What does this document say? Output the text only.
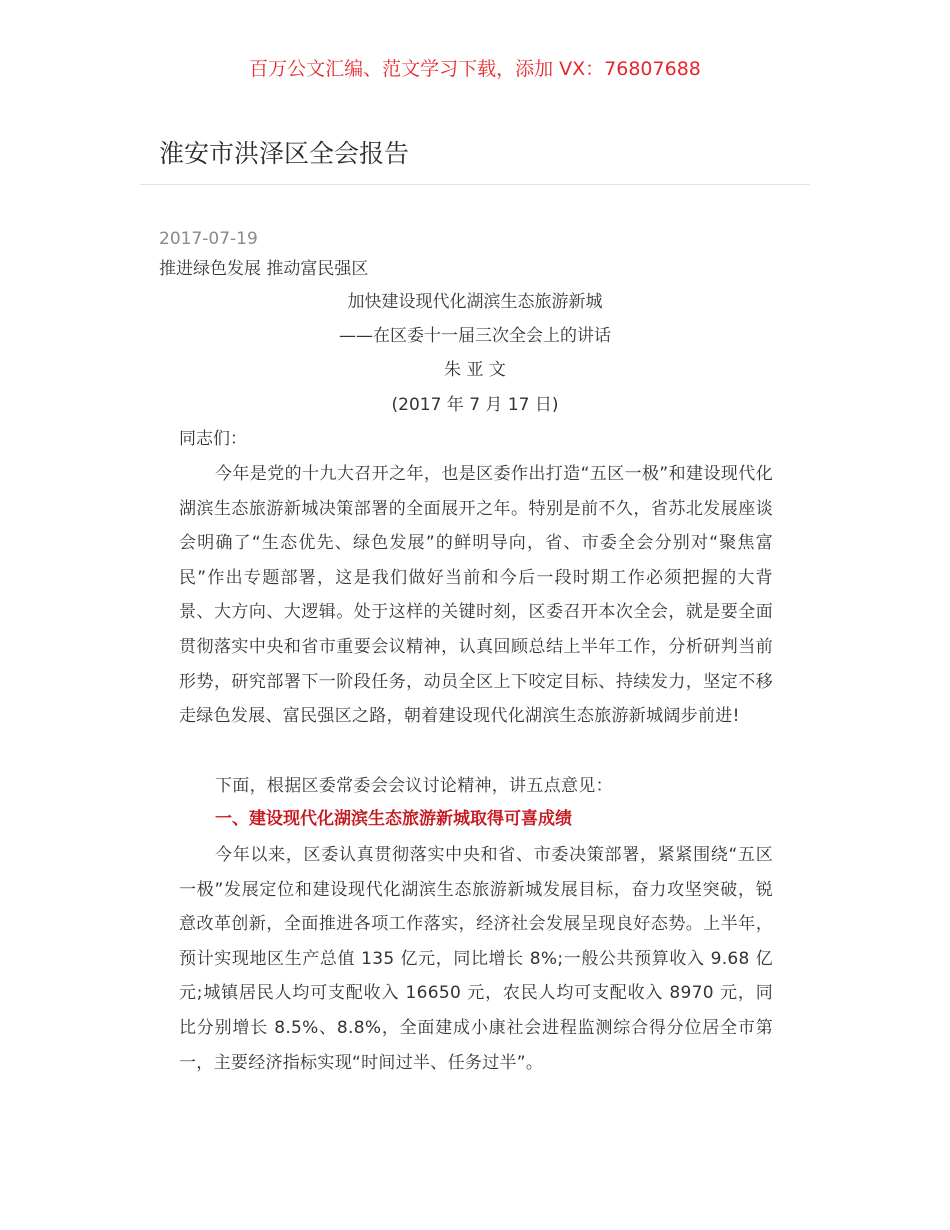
百万公文汇编、范文学习下载，添加 VX：76807688
淮安市洪泽区全会报告
2017-07-19
推进绿色发展 推动富民强区
加快建设现代化湖滨生态旅游新城
——在区委十一届三次全会上的讲话
朱 亚 文
(2017 年 7 月 17 日)
同志们：

今年是党的十九大召开之年，也是区委作出打造“五区一极”和建设现代化湖滨生态旅游新城决策部署的全面展开之年。特别是前不久，省苏北发展座谈会明确了“生态优先、绿色发展”的鲜明导向，省、市委全会分别对“聚焦富民”作出专题部署，这是我们做好当前和今后一段时期工作必须把握的大背景、大方向、大逻辑。处于这样的关键时刻，区委召开本次全会，就是要全面贯彻落实中央和省市重要会议精神，认真回顾总结上半年工作，分析研判当前形势，研究部署下一阶段任务，动员全区上下咬定目标、持续发力，坚定不移走绿色发展、富民强区之路，朝着建设现代化湖滨生态旅游新城阔步前进!

下面，根据区委常委会会议讨论精神，讲五点意见：

一、建设现代化湖滨生态旅游新城取得可喜成绩

今年以来，区委认真贯彻落实中央和省、市委决策部署，紧紧围绕“五区一极”发展定位和建设现代化湖滨生态旅游新城发展目标，奋力攻坚突破，锐意改革创新，全面推进各项工作落实，经济社会发展呈现良好态势。上半年，预计实现地区生产总值 135 亿元，同比增长 8%;一般公共预算收入 9.68 亿元;城镇居民人均可支配收入 16650 元，农民人均可支配收入 8970 元，同比分别增长 8.5%、8.8%，全面建成小康社会进程监测综合得分位居全市第一，主要经济指标实现“时间过半、任务过半”。
